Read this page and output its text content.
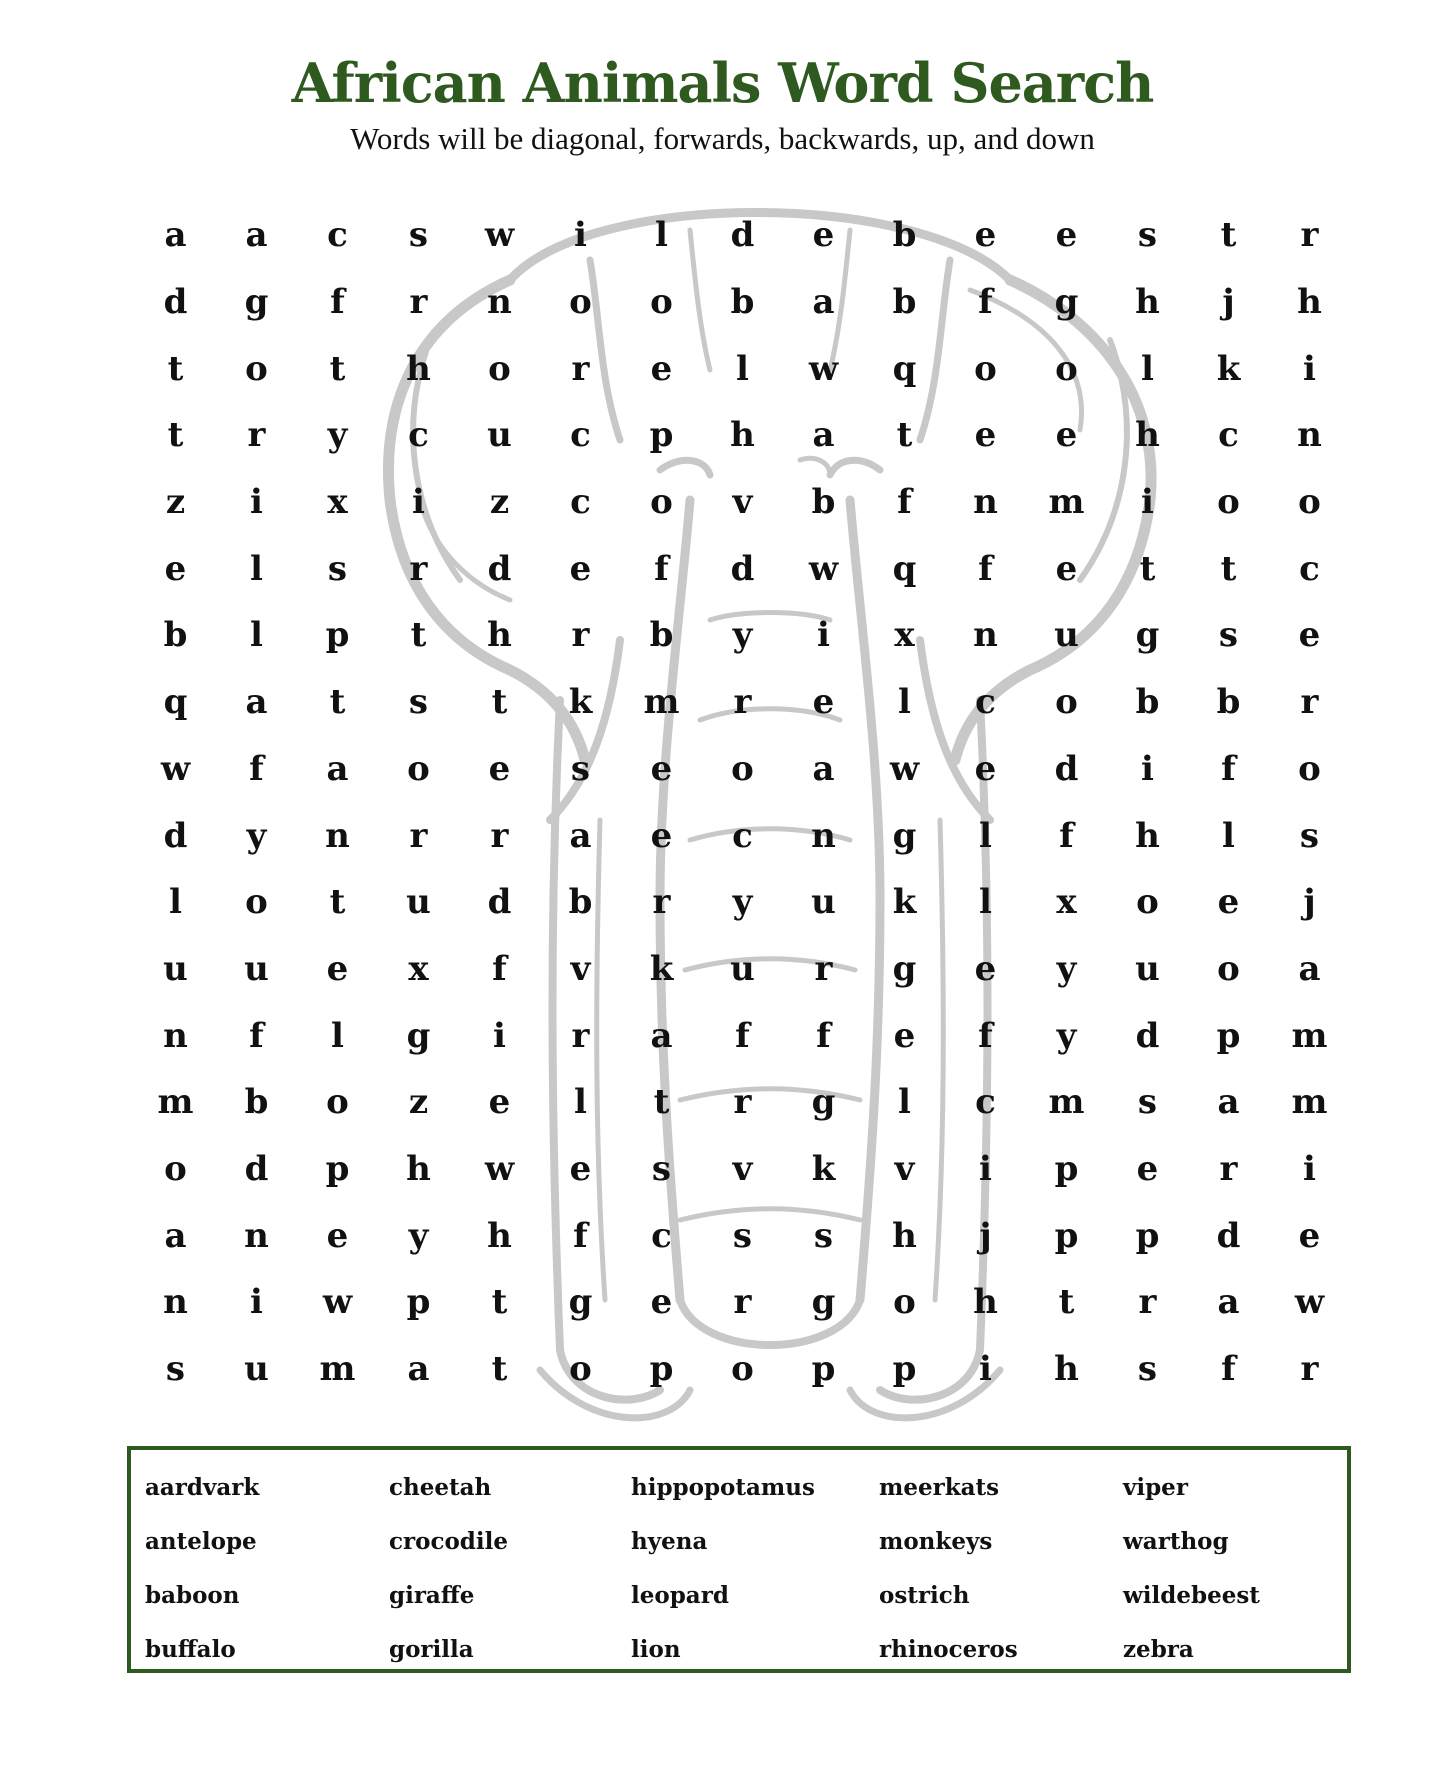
African Animals Word Search
Words will be diagonal, forwards, backwards, up, and down
a	a	c	s	w	i	l	d	e	b	e	e	s	t	r
d	g	f	r	n	o	o	b	a	b	f	g	h	j	h
t	o	t	h	o	r	e	l	w	q	o	o	l	k	i
t	r	y	c	u	c	p	h	a	t	e	e	h	c	n
z	i	x	i	z	c	o	v	b	f	n	m	i	o	o
e	l	s	r	d	e	f	d	w	q	f	e	t	t	c
b	l	p	t	h	r	b	y	i	x	n	u	g	s	e
q	a	t	s	t	k	m	r	e	l	c	o	b	b	r
w	f	a	o	e	s	e	o	a	w	e	d	i	f	o
d	y	n	r	r	a	e	c	n	g	l	f	h	l	s
l	o	t	u	d	b	r	y	u	k	l	x	o	e	j
u	u	e	x	f	v	k	u	r	g	e	y	u	o	a
n	f	l	g	i	r	a	f	f	e	f	y	d	p	m
m	b	o	z	e	l	t	r	g	l	c	m	s	a	m
o	d	p	h	w	e	s	v	k	v	i	p	e	r	i
a	n	e	y	h	f	c	s	s	h	j	p	p	d	e
n	i	w	p	t	g	e	r	g	o	h	t	r	a	w
s	u	m	a	t	o	p	o	p	p	i	h	s	f	r
aardvark
antelope
baboon
buffalo
cheetah
crocodile
giraffe
gorilla
hippopotamus
hyena
leopard
lion
meerkats
monkeys
ostrich
rhinoceros
viper
warthog
wildebeest
zebra
